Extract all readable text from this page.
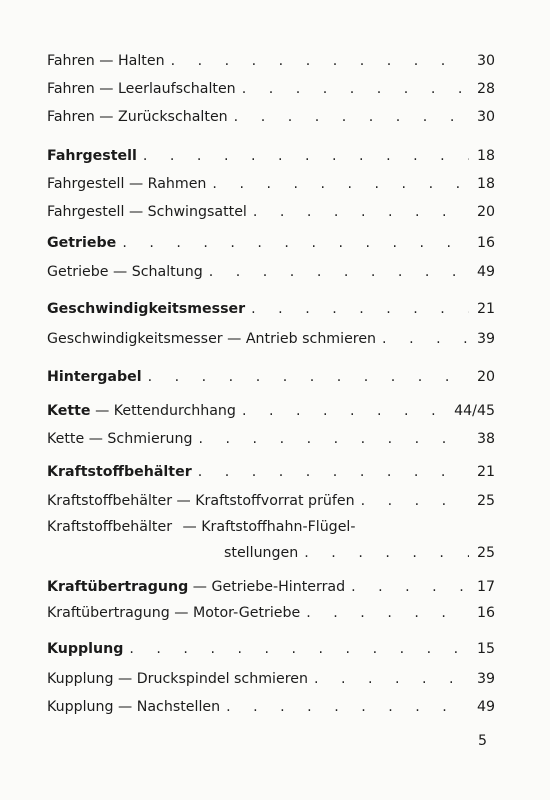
Fahren — Halten . . .	30
Fahren — Leerlaufschalten . . .	28
Fahren — Zurückschalten . . .	30
Fahrgestell . . .	18
Fahrgestell — Rahmen . . .	18
Fahrgestell — Schwingsattel . . .	20
Getriebe . . .	16
Getriebe — Schaltung . . .	49
Geschwindigkeitsmesser . . .	21
Geschwindigkeitsmesser — Antrieb schmieren . . .	39
Hintergabel . . .	20
Kette — Kettendurchhang . . .	44/45
Kette — Schmierung . . .	38
Kraftstoffbehälter . . .	21
Kraftstoffbehälter — Kraftstoffvorrat prüfen . . .	25
Kraftstoffbehälter — Kraftstoffhahn-Flügel-
stellungen . . .	25
Kraftübertragung — Getriebe-Hinterrad . . .	17
Kraftübertragung — Motor-Getriebe . . .	16
Kupplung . . .	15
Kupplung — Druckspindel schmieren . . .	39
Kupplung — Nachstellen . . .	49
5
